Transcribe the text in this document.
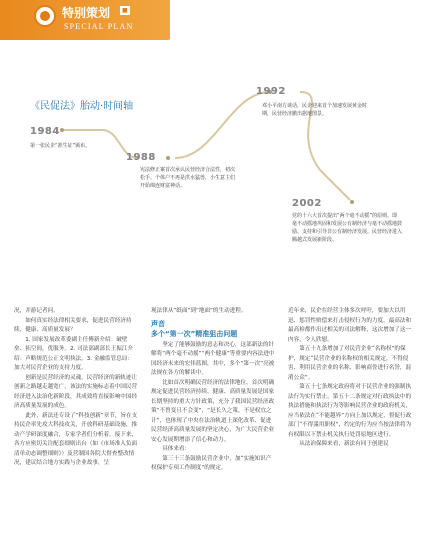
特别策划	■
SPECIAL PLAN
《民促法》胎动·时间轴
1984
第一张民企“准生证”颁布。
1988
宪法修正案首次承认民营经济合法性，初次松手。个体户不再是洪水猛兽，小生意主们开始绵连财富神话。
1992
邓小平南方谈话，民企迎来首个加速发展黄金时期，民营经济撤出据地图景。
2002
党的十六大首次提出“两个毫不动摇”的原则，即毫不动摇地巩固和发展公有制经济与毫不动摇地鼓励、支持和引导非公有制经济发展。民营经济进入腾越式发展新阶段。

况，并游记者问。

如何真实经法律相关要求，促进民营经济持续、健康、高质量发展？

1. 国家发展改革委副主任傅新介绍：破壁垒、拓空间，优服务。2. 司法部副部长王振江介绍：声略规范公正文明执法。3. 金融监管总局：加大对民营企业的支持力度。

创新是民营经济的灵魂，民营经济的新轨迹让创新之路越走越宽广，该法的实施标志着中国民营经济进入法治化新阶段，其成效将直接影响中国经济高质量发展的成色。

此外，新法还专设了“科技创新”章节，旨在支持民企率先攻大科技攻关，开放科研基础设施，推动产学研深度融合，专家学者们分析着，接下来，各方应密切关注配套细则出台（如《市场准入负面清单动态调整细则》）及营制国各院大督查整改情况，建议结合地方实践与企业故事，呈

现法律从“纸面”到“地面”的生动进程。

声音
多个“第一次”精准狙击问题

坚定了能够鼓励的意志和决心，这部新法的针解将“两个毫不动摇”“两个健康”等重要内容法进中国经济未来的宏伟蓝图，其中，多个“第一次”亮被法规在各方的解读中。

比如首次明确民营经济的法律地位，首次明确规定促进民营经济持续、健康、高质量发展是国家长期坚持的重大方针政策，充分了我国民营经济政策“不曾变且不会变”，“是长久之策，不是权宜之计”，也体现了中央在法治轨道上深化改革、促进民营经济高质量发展的坚定决心，为广大民营企业安心发展期增添了信心和动力。

具体来看：

第三十三条鼓励民营企业中，加“实施知识产权保护专项工作制度”的规定。

近年来，民企在经营主体多次呼吁，要加大以用迅、惩罚性赔偿来打击侵权行为的力度，最高法和最高检都作出过相关的司法解释，这次增加了这一内容，令人欣慰。

第五十九条增加了对民营企业“名称权”的保护，规定“民营企业的名称权的相关规定，不得侵害、利用民营企业的名称、影响商誉进行名誉，混淆公众”。

第五十七条规定政府将对于民营企业的强制执法行为实行禁止。第五十二条规定对行政执法中的执法措施和执法行为等影响民营企业的政府机关，应当依法在“不能越界”方向上加以规定，督促行政部门“不得滥用职权”，约定的行为应当按法律将为有权限以下禁止机关执行处罚原地区进行。

从法治保障来看，新法有同于创建民
